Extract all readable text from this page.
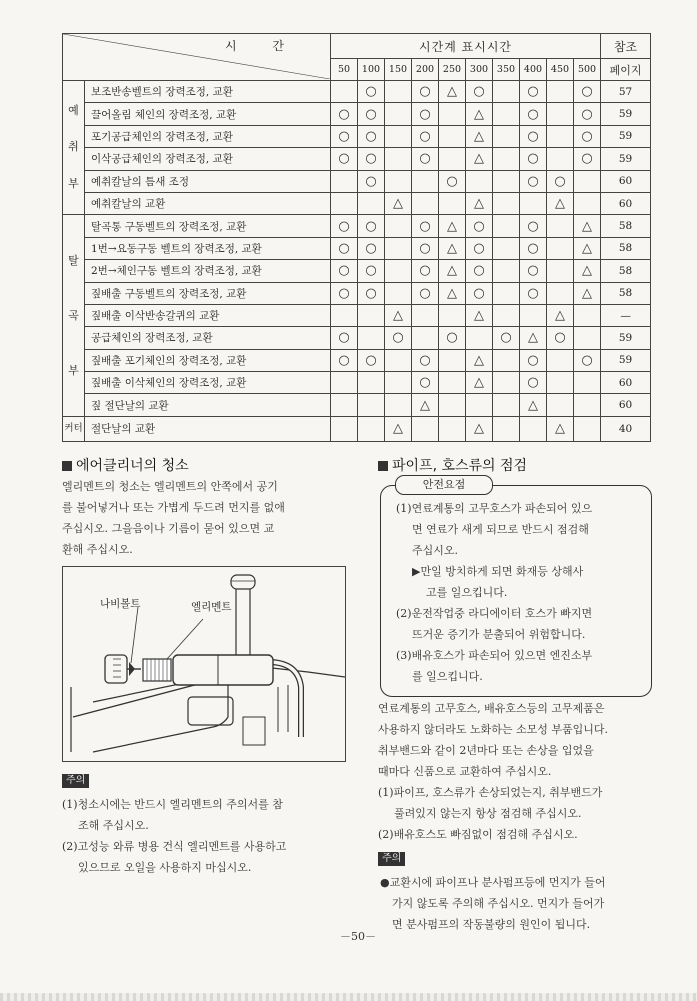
시 간		시간계 표시시간										참조
		50	100	150	200	250	300	350	400	450	500	페이지
예취부	보조반송벨트의 장력조정, 교환		○		○	△	○		○		○	57
	끌어올림 체인의 장력조정, 교환	○	○		○		△		○		○	59
	포기공급체인의 장력조정, 교환	○	○		○		△		○		○	59
	이삭공급체인의 장력조정, 교환	○	○		○		△		○		○	59
	예취칼날의 틈새 조정		○			○			○	○		60
	예취칼날의 교환			△			△			△		60
탈곡부	탈곡통 구동벨트의 장력조정, 교환	○	○		○	△	○		○		△	58
	1번→요동구동 벨트의 장력조정, 교환	○	○		○	△	○		○		△	58
	2번→체인구동 벨트의 장력조정, 교환	○	○		○	△	○		○		△	58
	짚배출 구동벨트의 장력조정, 교환	○	○		○	△	○		○		△	58
	짚배출 이삭반송갈퀴의 교환			△			△			△		—
	공급체인의 장력조정, 교환	○		○		○		○	△	○		59
	짚배출 포기체인의 장력조정, 교환	○	○		○		△		○		○	59
	짚배출 이삭체인의 장력조정, 교환				○		△		○			60
	짚 절단날의 교환				△				△			60
커터	절단날의 교환			△			△			△		40
에어클리너의 청소
엘리멘트의 청소는 엘리멘트의 안쪽에서 공기
를 불어넣거나 또는 가볍게 두드려 먼지를 없애
주십시오. 그을음이나 기름이 묻어 있으면 교
환해 주십시오.
나비볼트	엘리멘트
주의
(1)청소시에는 반드시 엘리멘트의 주의서를 참
조해 주십시오.
(2)고성능 와류 병용 건식 엘리멘트를 사용하고
있으므로 오일을 사용하지 마십시오.
파이프, 호스류의 점검
안전요점
(1)연료계통의 고무호스가 파손되어 있으
면 연료가 새게 되므로 반드시 점검해
주십시오.
▶만일 방치하게 되면 화재등 상해사
고를 일으킵니다.
(2)운전작업중 라디에이터 호스가 빠지면
뜨거운 증기가 분출되어 위험합니다.
(3)배유호스가 파손되어 있으면 엔진소부
를 일으킵니다.
연료계통의 고무호스, 배유호스등의 고무제품은
사용하지 않더라도 노화하는 소모성 부품입니다.
취부밴드와 같이 2년마다 또는 손상을 입었을
때마다 신품으로 교환하여 주십시오.
(1)파이프, 호스류가 손상되었는지, 취부밴드가
풀려있지 않는지 항상 점검해 주십시오.
(2)배유호스도 빠짐없이 점검해 주십시오.
주의
●교환시에 파이프나 분사펌프등에 먼지가 들어
가지 않도록 주의해 주십시오. 먼지가 들어가
면 분사펌프의 작동불량의 원인이 됩니다.
－50－
